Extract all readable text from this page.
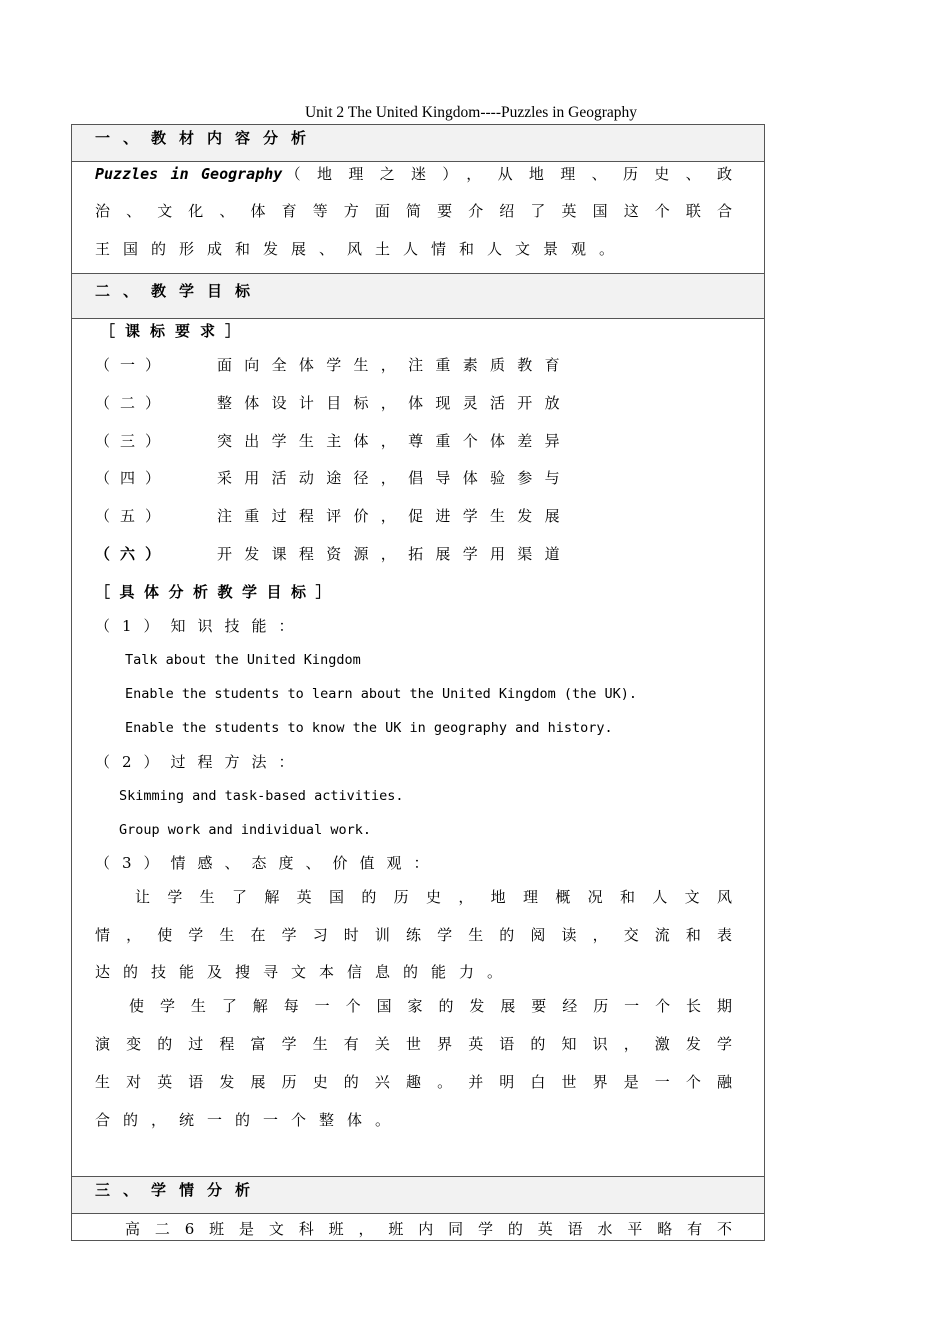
Unit 2 The United Kingdom----Puzzles in Geography
一、教材内容分析
Puzzles in Geography（地理之迷），从地理、历史、政
治、文化、体育等方面简要介绍了英国这个联合
王国的形成和发展、风土人情和人文景观。
二、教学目标
［课标要求］
（一）	面向全体学生，注重素质教育
（二）	整体设计目标，体现灵活开放
（三）	突出学生主体，尊重个体差异
（四）	采用活动途径，倡导体验参与
（五）	注重过程评价，促进学生发展
（六）	开发课程资源，拓展学用渠道
［具体分析教学目标］
（1）知识技能：
Talk about the United Kingdom
Enable the students to learn about the United Kingdom (the UK).
Enable the students to know the UK in geography and history.
（2）过程方法：
Skimming and task-based activities.
Group work and individual work.
（3）情感、态度、价值观：
让学生了解英国的历史，地理概况和人文风
情，使学生在学习时训练学生的阅读，交流和表
达的技能及搜寻文本信息的能力。
使学生了解每一个国家的发展要经历一个长期
演变的过程富学生有关世界英语的知识，激发学
生对英语发展历史的兴趣。并明白世界是一个融
合的，统一的一个整体。
三、学情分析
高二6班是文科班，班内同学的英语水平略有不
